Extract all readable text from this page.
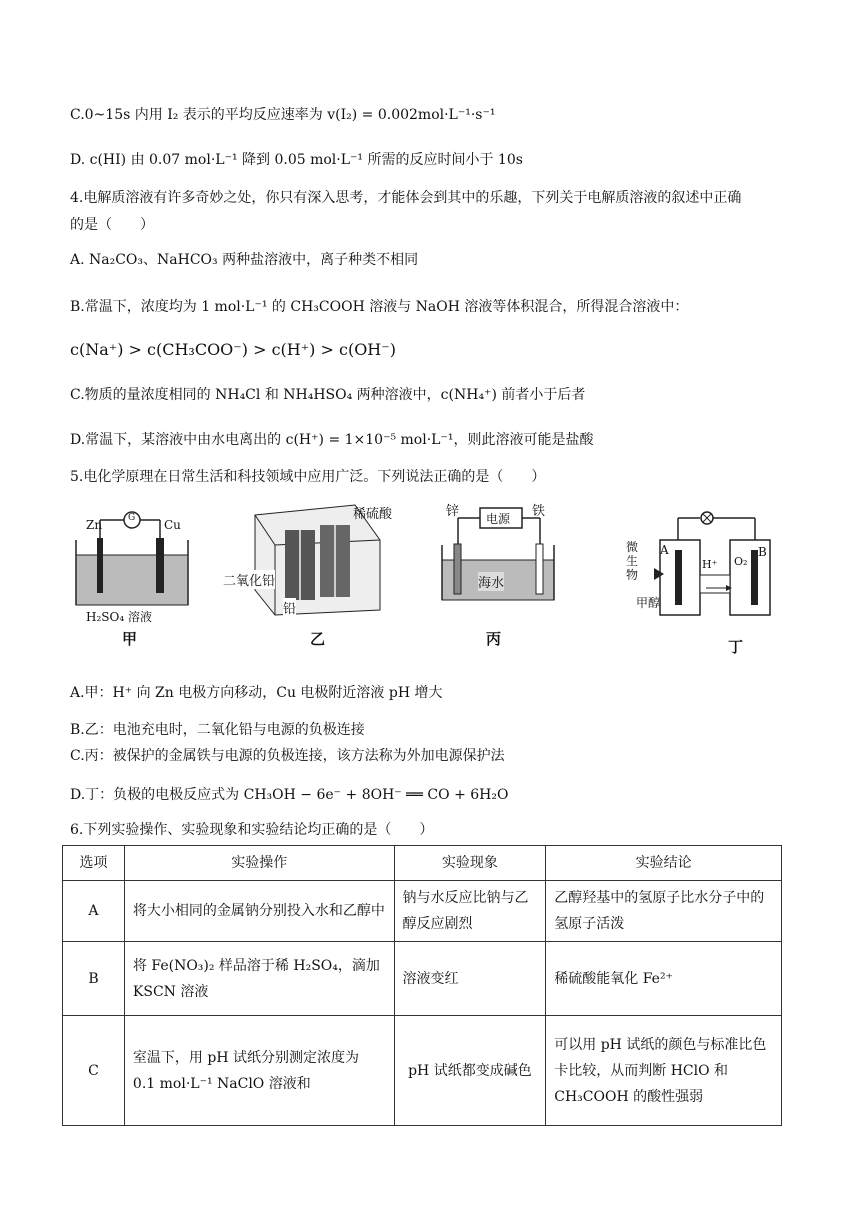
C.0~15s 内用 I₂ 表示的平均反应速率为 v(I₂) = 0.002mol·L⁻¹·s⁻¹
D. c(HI) 由 0.07 mol·L⁻¹ 降到 0.05 mol·L⁻¹ 所需的反应时间小于 10s
4.电解质溶液有许多奇妙之处，你只有深入思考，才能体会到其中的乐趣，下列关于电解质溶液的叙述中正确
的是（　　）
A. Na₂CO₃、NaHCO₃ 两种盐溶液中，离子种类不相同
B.常温下，浓度均为 1 mol·L⁻¹ 的 CH₃COOH 溶液与 NaOH 溶液等体积混合，所得混合溶液中：
c(Na⁺) > c(CH₃COO⁻) > c(H⁺) > c(OH⁻)
C.物质的量浓度相同的 NH₄Cl 和 NH₄HSO₄ 两种溶液中，c(NH₄⁺) 前者小于后者
D.常温下，某溶液中由水电离出的 c(H⁺) = 1×10⁻⁵ mol·L⁻¹，则此溶液可能是盐酸
5.电化学原理在日常生活和科技领域中应用广泛。下列说法正确的是（　　）
Zn	G Cu
H₂SO₄ 溶液
甲
稀硫酸
二氧化铅
铅
乙
锌 电源 铁
海水
丙
微生物
A	B
O₂
H⁺
甲醇
丁
A.甲：H⁺ 向 Zn 电极方向移动，Cu 电极附近溶液 pH 增大
B.乙：电池充电时，二氧化铅与电源的负极连接
C.丙：被保护的金属铁与电源的负极连接，该方法称为外加电源保护法
D.丁：负极的电极反应式为 CH₃OH − 6e⁻ + 8OH⁻ ══ CO + 6H₂O
6.下列实验操作、实验现象和实验结论均正确的是（　　）
选项	实验操作	实验现象	实验结论
A	将大小相同的金属钠分别投入水和乙醇中	钠与水反应比钠与乙醇反应剧烈	乙醇羟基中的氢原子比水分子中的氢原子活泼
B	将 Fe(NO₃)₂ 样品溶于稀 H₂SO₄，滴加 KSCN 溶液	溶液变红	稀硫酸能氧化 Fe²⁺
C	室温下，用 pH 试纸分别测定浓度为 0.1 mol·L⁻¹ NaClO 溶液和	pH 试纸都变成碱色	可以用 pH 试纸的颜色与标准比色卡比较，从而判断 HClO 和 CH₃COOH 的酸性强弱
